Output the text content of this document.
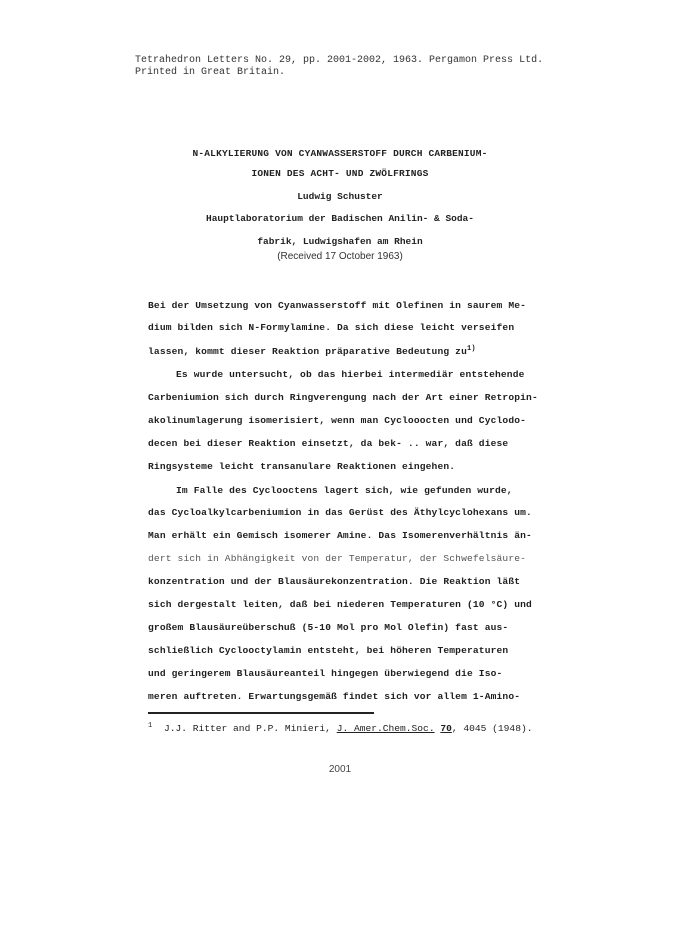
Tetrahedron Letters No. 29, pp. 2001-2002, 1963. Pergamon Press Ltd.
Printed in Great Britain.
N-ALKYLIERUNG VON CYANWASSERSTOFF DURCH CARBENIUM-
IONEN DES ACHT- UND ZWÖLFRINGS
Ludwig Schuster
Hauptlaboratorium der Badischen Anilin- & Soda-
fabrik, Ludwigshafen am Rhein
(Received 17 October 1963)
Bei der Umsetzung von Cyanwasserstoff mit Olefinen in saurem Me-
dium bilden sich N-Formylamine. Da sich diese leicht verseifen
lassen, kommt dieser Reaktion präparative Bedeutung $zu^{1)}$
Es wurde untersucht, ob das hierbei intermediär entstehende
Carbeniumion sich durch Ringverengung nach der Art einer Retropin-
akolinumlagerung isomerisiert, wenn man Cyclooocten und Cyclodo-
decen bei dieser Reaktion einsetzt, da bek- .. war, daß diese
Ringsysteme leicht transanulare Reaktionen eingehen.
Im Falle des Cyclooctens lagert sich, wie gefunden wurde,
das Cycloalkylcarbeniumion in das Gerüst des Äthylcyclohexans um.
Man erhält ein Gemisch isomerer Amine. Das Isomerenverhältnis än-
dert sich in Abhängigkeit von der Temperatur, der Schwefelsäure-
konzentration und der Blausäurekonzentration. Die Reaktion läßt
sich dergestalt leiten, daß bei niederen Temperaturen (10 °C) und
großem Blausäureüberschuß (5-10 Mol pro Mol Olefin) fast aus-
schließlich Cyclooctylamin entsteht, bei höheren Temperaturen
und geringerem Blausäureanteil hingegen überwiegend die Iso-
meren auftreten. Erwartungsgemäß findet sich vor allem 1-Amino-
$^1$ J.J. Ritter and P.P. Minieri, J. Amer.Chem.Soc. 70, 4045 (1948).
2001
